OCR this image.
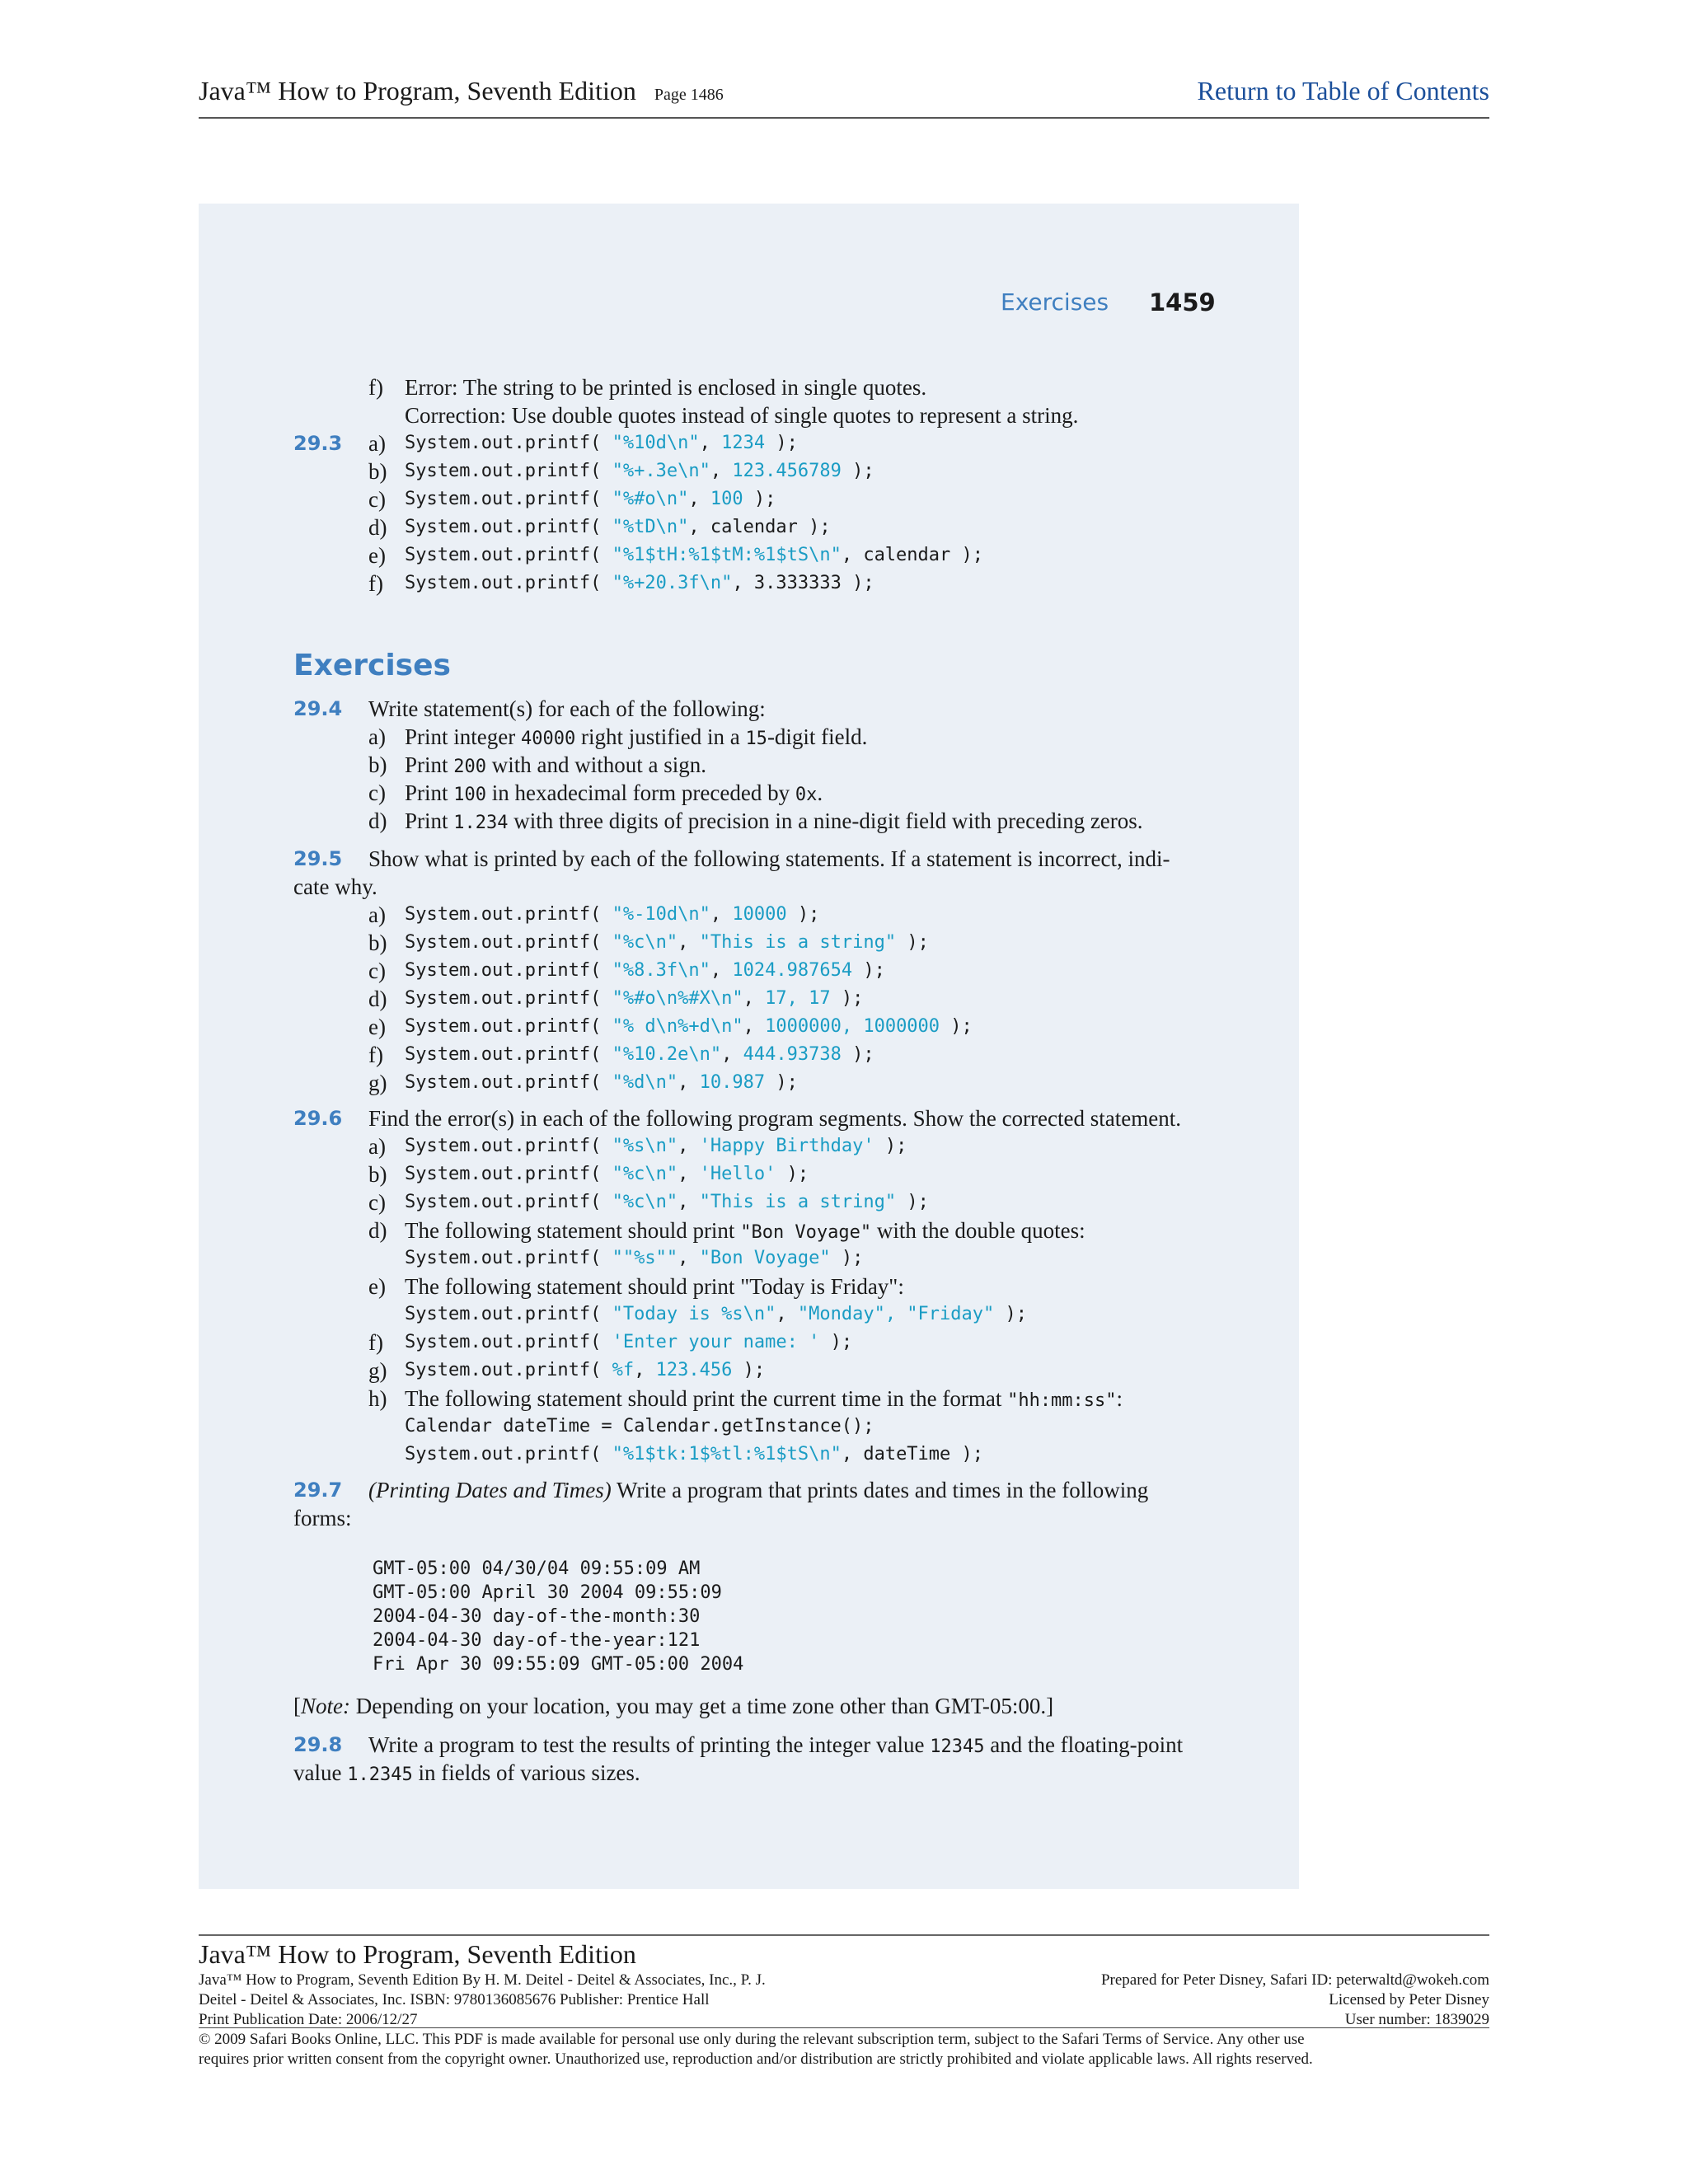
Java™ How to Program, Seventh Edition Page 1486	Return to Table of Contents
Exercises 1459
f) Error: The string to be printed is enclosed in single quotes.
Correction: Use double quotes instead of single quotes to represent a string.
29.3 a) System.out.printf( "%10d\n", 1234 );
b) System.out.printf( "%+.3e\n", 123.456789 );
c) System.out.printf( "%#o\n", 100 );
d) System.out.printf( "%tD\n", calendar );
e) System.out.printf( "%1$tH:%1$tM:%1$tS\n", calendar );
f) System.out.printf( "%+20.3f\n", 3.333333 );
Exercises
29.4 Write statement(s) for each of the following:
a) Print integer 40000 right justified in a 15-digit field.
b) Print 200 with and without a sign.
c) Print 100 in hexadecimal form preceded by 0x.
d) Print 1.234 with three digits of precision in a nine-digit field with preceding zeros.
29.5 Show what is printed by each of the following statements. If a statement is incorrect, indi-
cate why.
a) System.out.printf( "%-10d\n", 10000 );
b) System.out.printf( "%c\n", "This is a string" );
c) System.out.printf( "%8.3f\n", 1024.987654 );
d) System.out.printf( "%#o\n%#X\n", 17, 17 );
e) System.out.printf( "% d\n%+d\n", 1000000, 1000000 );
f) System.out.printf( "%10.2e\n", 444.93738 );
g) System.out.printf( "%d\n", 10.987 );
29.6 Find the error(s) in each of the following program segments. Show the corrected statement.
a) System.out.printf( "%s\n", 'Happy Birthday' );
b) System.out.printf( "%c\n", 'Hello' );
c) System.out.printf( "%c\n", "This is a string" );
d) The following statement should print "Bon Voyage" with the double quotes:
System.out.printf( ""%s"", "Bon Voyage" );
e) The following statement should print "Today is Friday":
System.out.printf( "Today is %s\n", "Monday", "Friday" );
f) System.out.printf( 'Enter your name: ' );
g) System.out.printf( %f, 123.456 );
h) The following statement should print the current time in the format "hh:mm:ss":
Calendar dateTime = Calendar.getInstance();
System.out.printf( "%1$tk:1$%tl:%1$tS\n", dateTime );
29.7 (Printing Dates and Times) Write a program that prints dates and times in the following
forms:
GMT-05:00 04/30/04 09:55:09 AM
GMT-05:00 April 30 2004 09:55:09
2004-04-30 day-of-the-month:30
2004-04-30 day-of-the-year:121
Fri Apr 30 09:55:09 GMT-05:00 2004
[Note: Depending on your location, you may get a time zone other than GMT-05:00.]
29.8 Write a program to test the results of printing the integer value 12345 and the floating-point
value 1.2345 in fields of various sizes.
Java™ How to Program, Seventh Edition
Java™ How to Program, Seventh Edition By H. M. Deitel - Deitel & Associates, Inc., P. J.
Deitel - Deitel & Associates, Inc. ISBN: 9780136085676 Publisher: Prentice Hall
Print Publication Date: 2006/12/27
Prepared for Peter Disney, Safari ID: peterwaltd@wokeh.com
Licensed by Peter Disney
User number: 1839029
© 2009 Safari Books Online, LLC. This PDF is made available for personal use only during the relevant subscription term, subject to the Safari Terms of Service. Any other use
requires prior written consent from the copyright owner. Unauthorized use, reproduction and/or distribution are strictly prohibited and violate applicable laws. All rights reserved.
